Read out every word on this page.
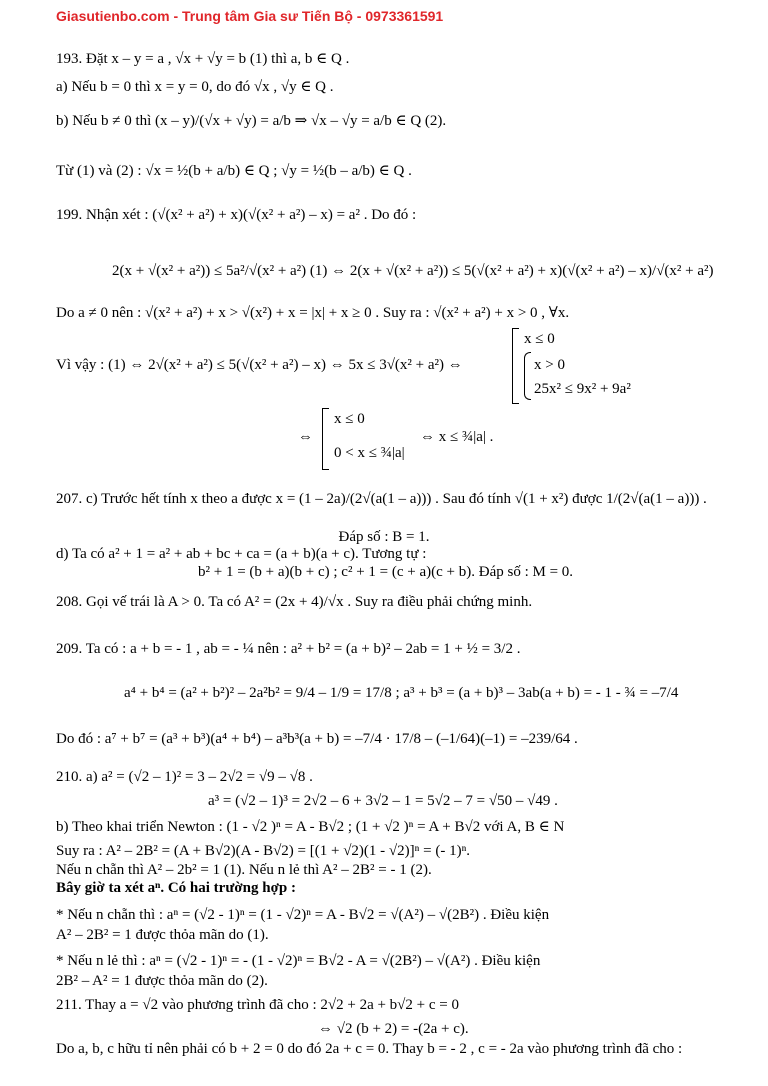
Giasutienbo.com - Trung tâm Gia sư Tiến Bộ - 0973361591
193. Đặt x – y = a , √x + √y = b (1) thì a, b ∈ Q .
a) Nếu b = 0 thì x = y = 0, do đó √x , √y ∈ Q .
b) Nếu b ≠ 0 thì (x – y)/(√x + √y) = a/b ⇒ √x – √y = a/b ∈ Q (2).
Từ (1) và (2) : √x = ½(b + a/b) ∈ Q ; √y = ½(b – a/b) ∈ Q .
199. Nhận xét : (√(x² + a²) + x)(√(x² + a²) – x) = a² . Do đó :
2(x + √(x² + a²)) ≤ 5a²/√(x² + a²) (1) ⇔ 2(x + √(x² + a²)) ≤ 5(√(x² + a²) + x)(√(x² + a²) – x)/√(x² + a²)
Do a ≠ 0 nên : √(x² + a²) + x > √(x²) + x = |x| + x ≥ 0 . Suy ra : √(x² + a²) + x > 0 , ∀x.
Vì vậy : (1) ⇔ 2√(x² + a²) ≤ 5(√(x² + a²) – x) ⇔ 5x ≤ 3√(x² + a²) ⇔
x ≤ 0
x > 0
25x² ≤ 9x² + 9a²
⇔
x ≤ 0
0 < x ≤ ¾|a|
⇔ x ≤ ¾|a| .
207. c) Trước hết tính x theo a được x = (1 – 2a)/(2√(a(1 – a))) . Sau đó tính √(1 + x²) được 1/(2√(a(1 – a))) .
Đáp số : B = 1.
d) Ta có a² + 1 = a² + ab + bc + ca = (a + b)(a + c). Tương tự :
b² + 1 = (b + a)(b + c) ; c² + 1 = (c + a)(c + b). Đáp số : M = 0.
208. Gọi vế trái là A > 0. Ta có A² = (2x + 4)/√x . Suy ra điều phải chứng minh.
209. Ta có : a + b = - 1 , ab = - ¼ nên : a² + b² = (a + b)² – 2ab = 1 + ½ = 3/2 .
a⁴ + b⁴ = (a² + b²)² – 2a²b² = 9/4 – 1/9 = 17/8 ; a³ + b³ = (a + b)³ – 3ab(a + b) = - 1 - ¾ = –7/4
Do đó : a⁷ + b⁷ = (a³ + b³)(a⁴ + b⁴) – a³b³(a + b) = –7/4 · 17/8 – (–1/64)(–1) = –239/64 .
210. a) a² = (√2 – 1)² = 3 – 2√2 = √9 – √8 .
a³ = (√2 – 1)³ = 2√2 – 6 + 3√2 – 1 = 5√2 – 7 = √50 – √49 .
b) Theo khai triển Newton : (1 - √2 )ⁿ = A - B√2 ; (1 + √2 )ⁿ = A + B√2 với A, B ∈ N
Suy ra : A² – 2B² = (A + B√2)(A - B√2) = [(1 + √2)(1 - √2)]ⁿ = (- 1)ⁿ.
Nếu n chẵn thì A² – 2b² = 1 (1). Nếu n lẻ thì A² – 2B² = - 1 (2).
Bây giờ ta xét aⁿ. Có hai trường hợp :
* Nếu n chẵn thì : aⁿ = (√2 - 1)ⁿ = (1 - √2)ⁿ = A - B√2 = √(A²) – √(2B²) . Điều kiện
A² – 2B² = 1 được thỏa mãn do (1).
* Nếu n lẻ thì : aⁿ = (√2 - 1)ⁿ = - (1 - √2)ⁿ = B√2 - A = √(2B²) – √(A²) . Điều kiện
2B² – A² = 1 được thỏa mãn do (2).
211. Thay a = √2 vào phương trình đã cho : 2√2 + 2a + b√2 + c = 0
⇔ √2 (b + 2) = -(2a + c).
Do a, b, c hữu tỉ nên phải có b + 2 = 0 do đó 2a + c = 0. Thay b = - 2 , c = - 2a vào phương trình đã cho :
